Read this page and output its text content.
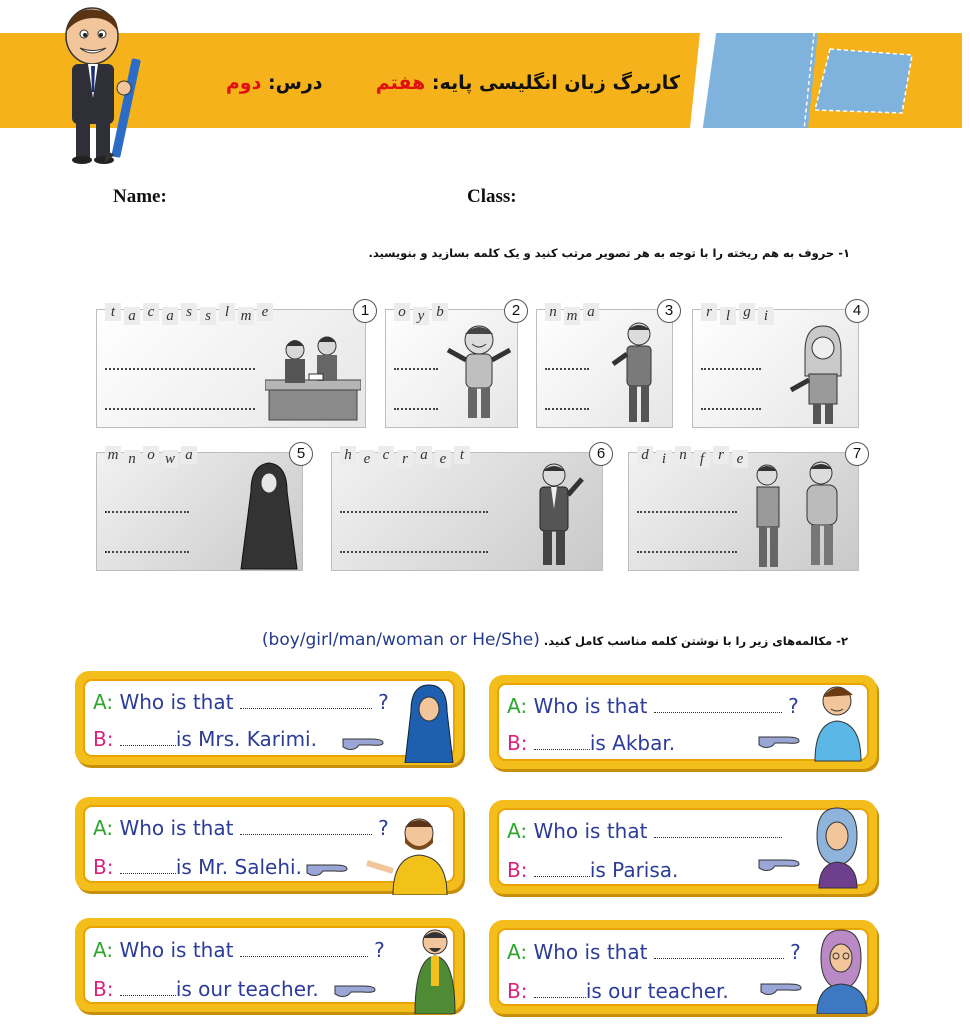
کاربرگ زبان انگلیسی پایه: هفتم  درس: دوم
Name:	Class:
۱- حروف به هم ریخته را با توجه به هر تصویر مرتب کنید و یک کلمه بسازید و بنویسید.
t a c a s s l m e	1	o y b	2	n m a	3	r l g i	4
m n o w a	5	h e c r a e t	6	d i n f r e	7
۲- مکالمه‌های زیر را با نوشتن کلمه مناسب کامل کنید. (boy/girl/man/woman or He/She)
A: Who is that	?
B:	is Mrs. Karimi.
A: Who is that	?
B:	is Akbar.
A: Who is that	?
B:	is Mr. Salehi.
A: Who is that
B:	is Parisa.
A: Who is that	?
B:	is our teacher.
A: Who is that	?
B:	is our teacher.
